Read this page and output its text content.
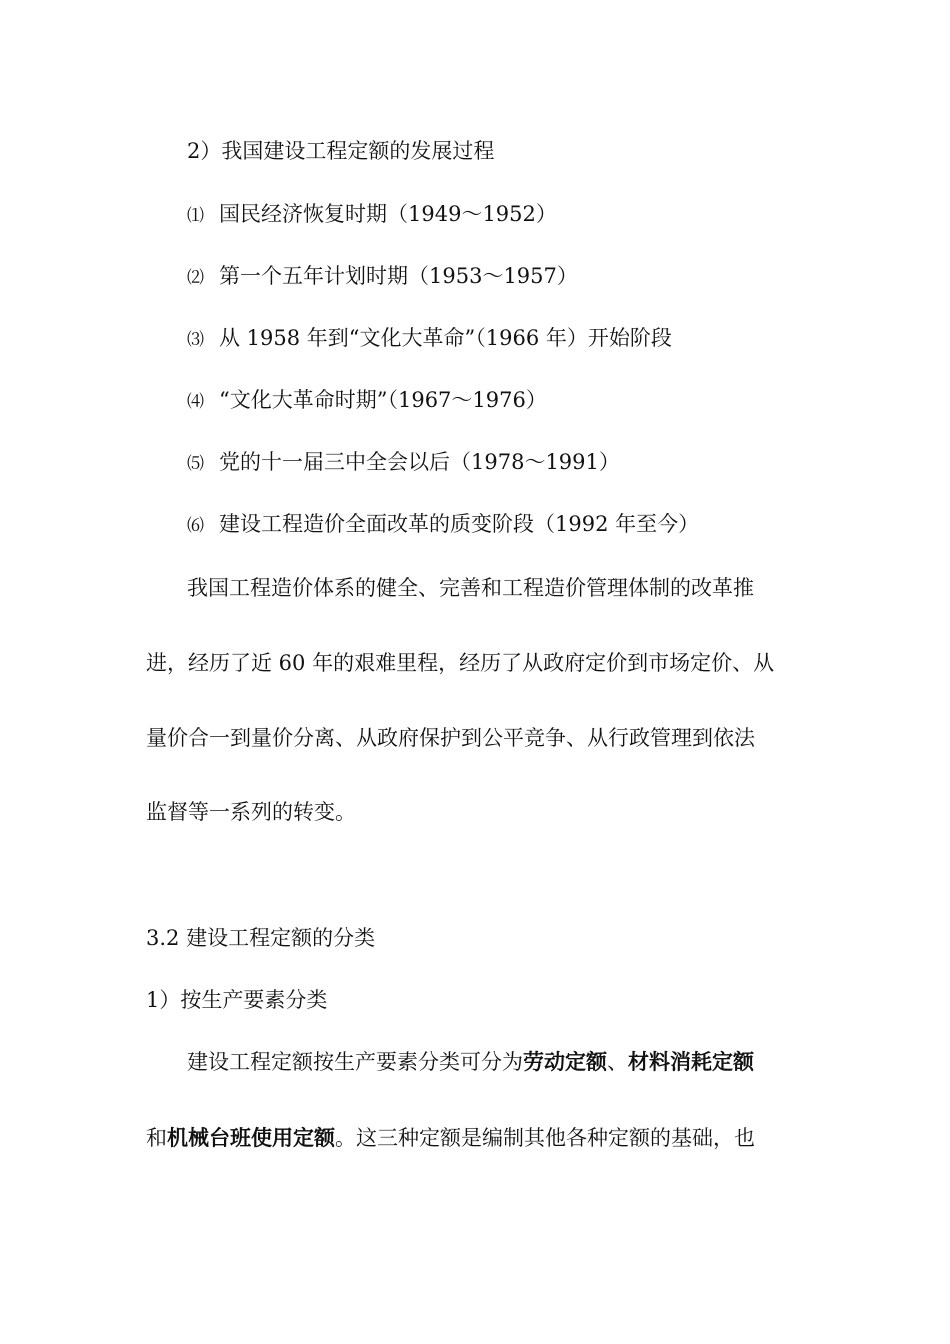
2）我国建设工程定额的发展过程
⑴ 国民经济恢复时期（1949～1952）
⑵ 第一个五年计划时期（1953～1957）
⑶ 从 1958 年到“文化大革命”（1966 年）开始阶段
⑷ “文化大革命时期”（1967～1976）
⑸ 党的十一届三中全会以后（1978～1991）
⑹ 建设工程造价全面改革的质变阶段（1992 年至今）
我国工程造价体系的健全、完善和工程造价管理体制的改革推
进，经历了近 60 年的艰难里程，经历了从政府定价到市场定价、从
量价合一到量价分离、从政府保护到公平竞争、从行政管理到依法
监督等一系列的转变。
3.2 建设工程定额的分类
1）按生产要素分类
建设工程定额按生产要素分类可分为劳动定额、材料消耗定额
和机械台班使用定额。这三种定额是编制其他各种定额的基础，也
